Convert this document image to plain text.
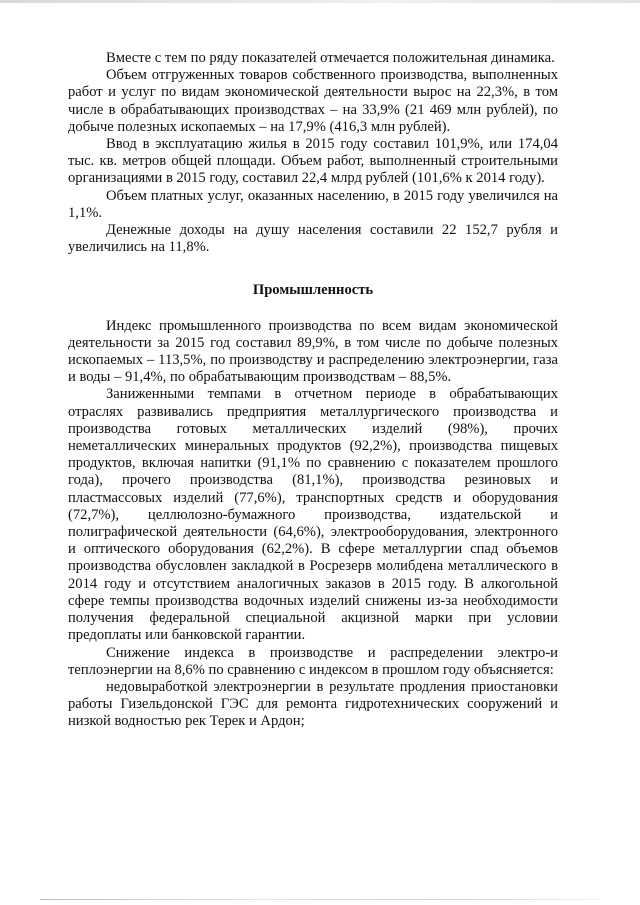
Вместе с тем по ряду показателей отмечается положительная динамика.

Объем отгруженных товаров собственного производства, выполненных работ и услуг по видам экономической деятельности вырос на 22,3%, в том числе в обрабатывающих производствах – на 33,9% (21 469 млн рублей), по добыче полезных ископаемых – на 17,9% (416,3 млн рублей).

Ввод в эксплуатацию жилья в 2015 году составил 101,9%, или 174,04 тыс. кв. метров общей площади. Объем работ, выполненный строительными организациями в 2015 году, составил 22,4 млрд рублей (101,6% к 2014 году).

Объем платных услуг, оказанных населению, в 2015 году увеличился на 1,1%.

Денежные доходы на душу населения составили 22 152,7 рубля и увеличились на 11,8%.

Промышленность

Индекс промышленного производства по всем видам экономической деятельности за 2015 год составил 89,9%, в том числе по добыче полезных ископаемых – 113,5%, по производству и распределению электроэнергии, газа и воды – 91,4%, по обрабатывающим производствам – 88,5%.

Заниженными темпами в отчетном периоде в обрабатывающих отраслях развивались предприятия металлургического производства и производства готовых металлических изделий (98%), прочих неметаллических минеральных продуктов (92,2%), производства пищевых продуктов, включая напитки (91,1% по сравнению с показателем прошлого года), прочего производства (81,1%), производства резиновых и пластмассовых изделий (77,6%), транспортных средств и оборудования (72,7%), целлюлозно-бумажного производства, издательской и полиграфической деятельности (64,6%), электрооборудования, электронного и оптического оборудования (62,2%). В сфере металлургии спад объемов производства обусловлен закладкой в Росрезерв молибдена металлического в 2014 году и отсутствием аналогичных заказов в 2015 году. В алкогольной сфере темпы производства водочных изделий снижены из-за необходимости получения федеральной специальной акцизной марки при условии предоплаты или банковской гарантии.

Снижение индекса в производстве и распределении электро-и теплоэнергии на 8,6% по сравнению с индексом в прошлом году объясняется:

недовыработкой электроэнергии в результате продления приостановки работы Гизельдонской ГЭС для ремонта гидротехнических сооружений и низкой водностью рек Терек и Ардон;
